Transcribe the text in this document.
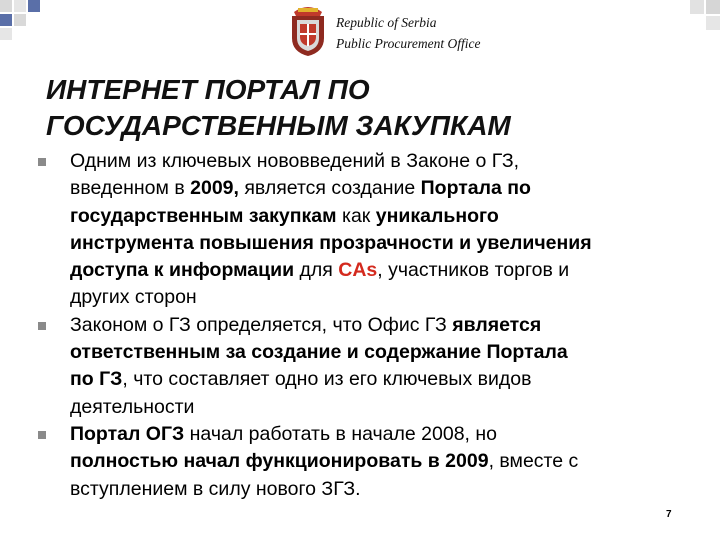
Republic of Serbia
Public Procurement Office
ИНТЕРНЕТ ПОРТАЛ ПО
ГОСУДАРСТВЕННЫМ ЗАКУПКАМ
Одним из ключевых нововведений в Законе о ГЗ,
введенном в 2009, является создание Портала по
государственным закупкам как уникального
инструмента повышения прозрачности и увеличения
доступа к информации для CAs, участников торгов и
других сторон
Законом о ГЗ определяется, что Офис ГЗ является
ответственным за создание и содержание Портала
по ГЗ, что составляет одно из его ключевых видов
деятельности
Портал ОГЗ начал работать в начале 2008, но
полностью начал функционировать в 2009, вместе с
вступлением в силу нового ЗГЗ.
7
